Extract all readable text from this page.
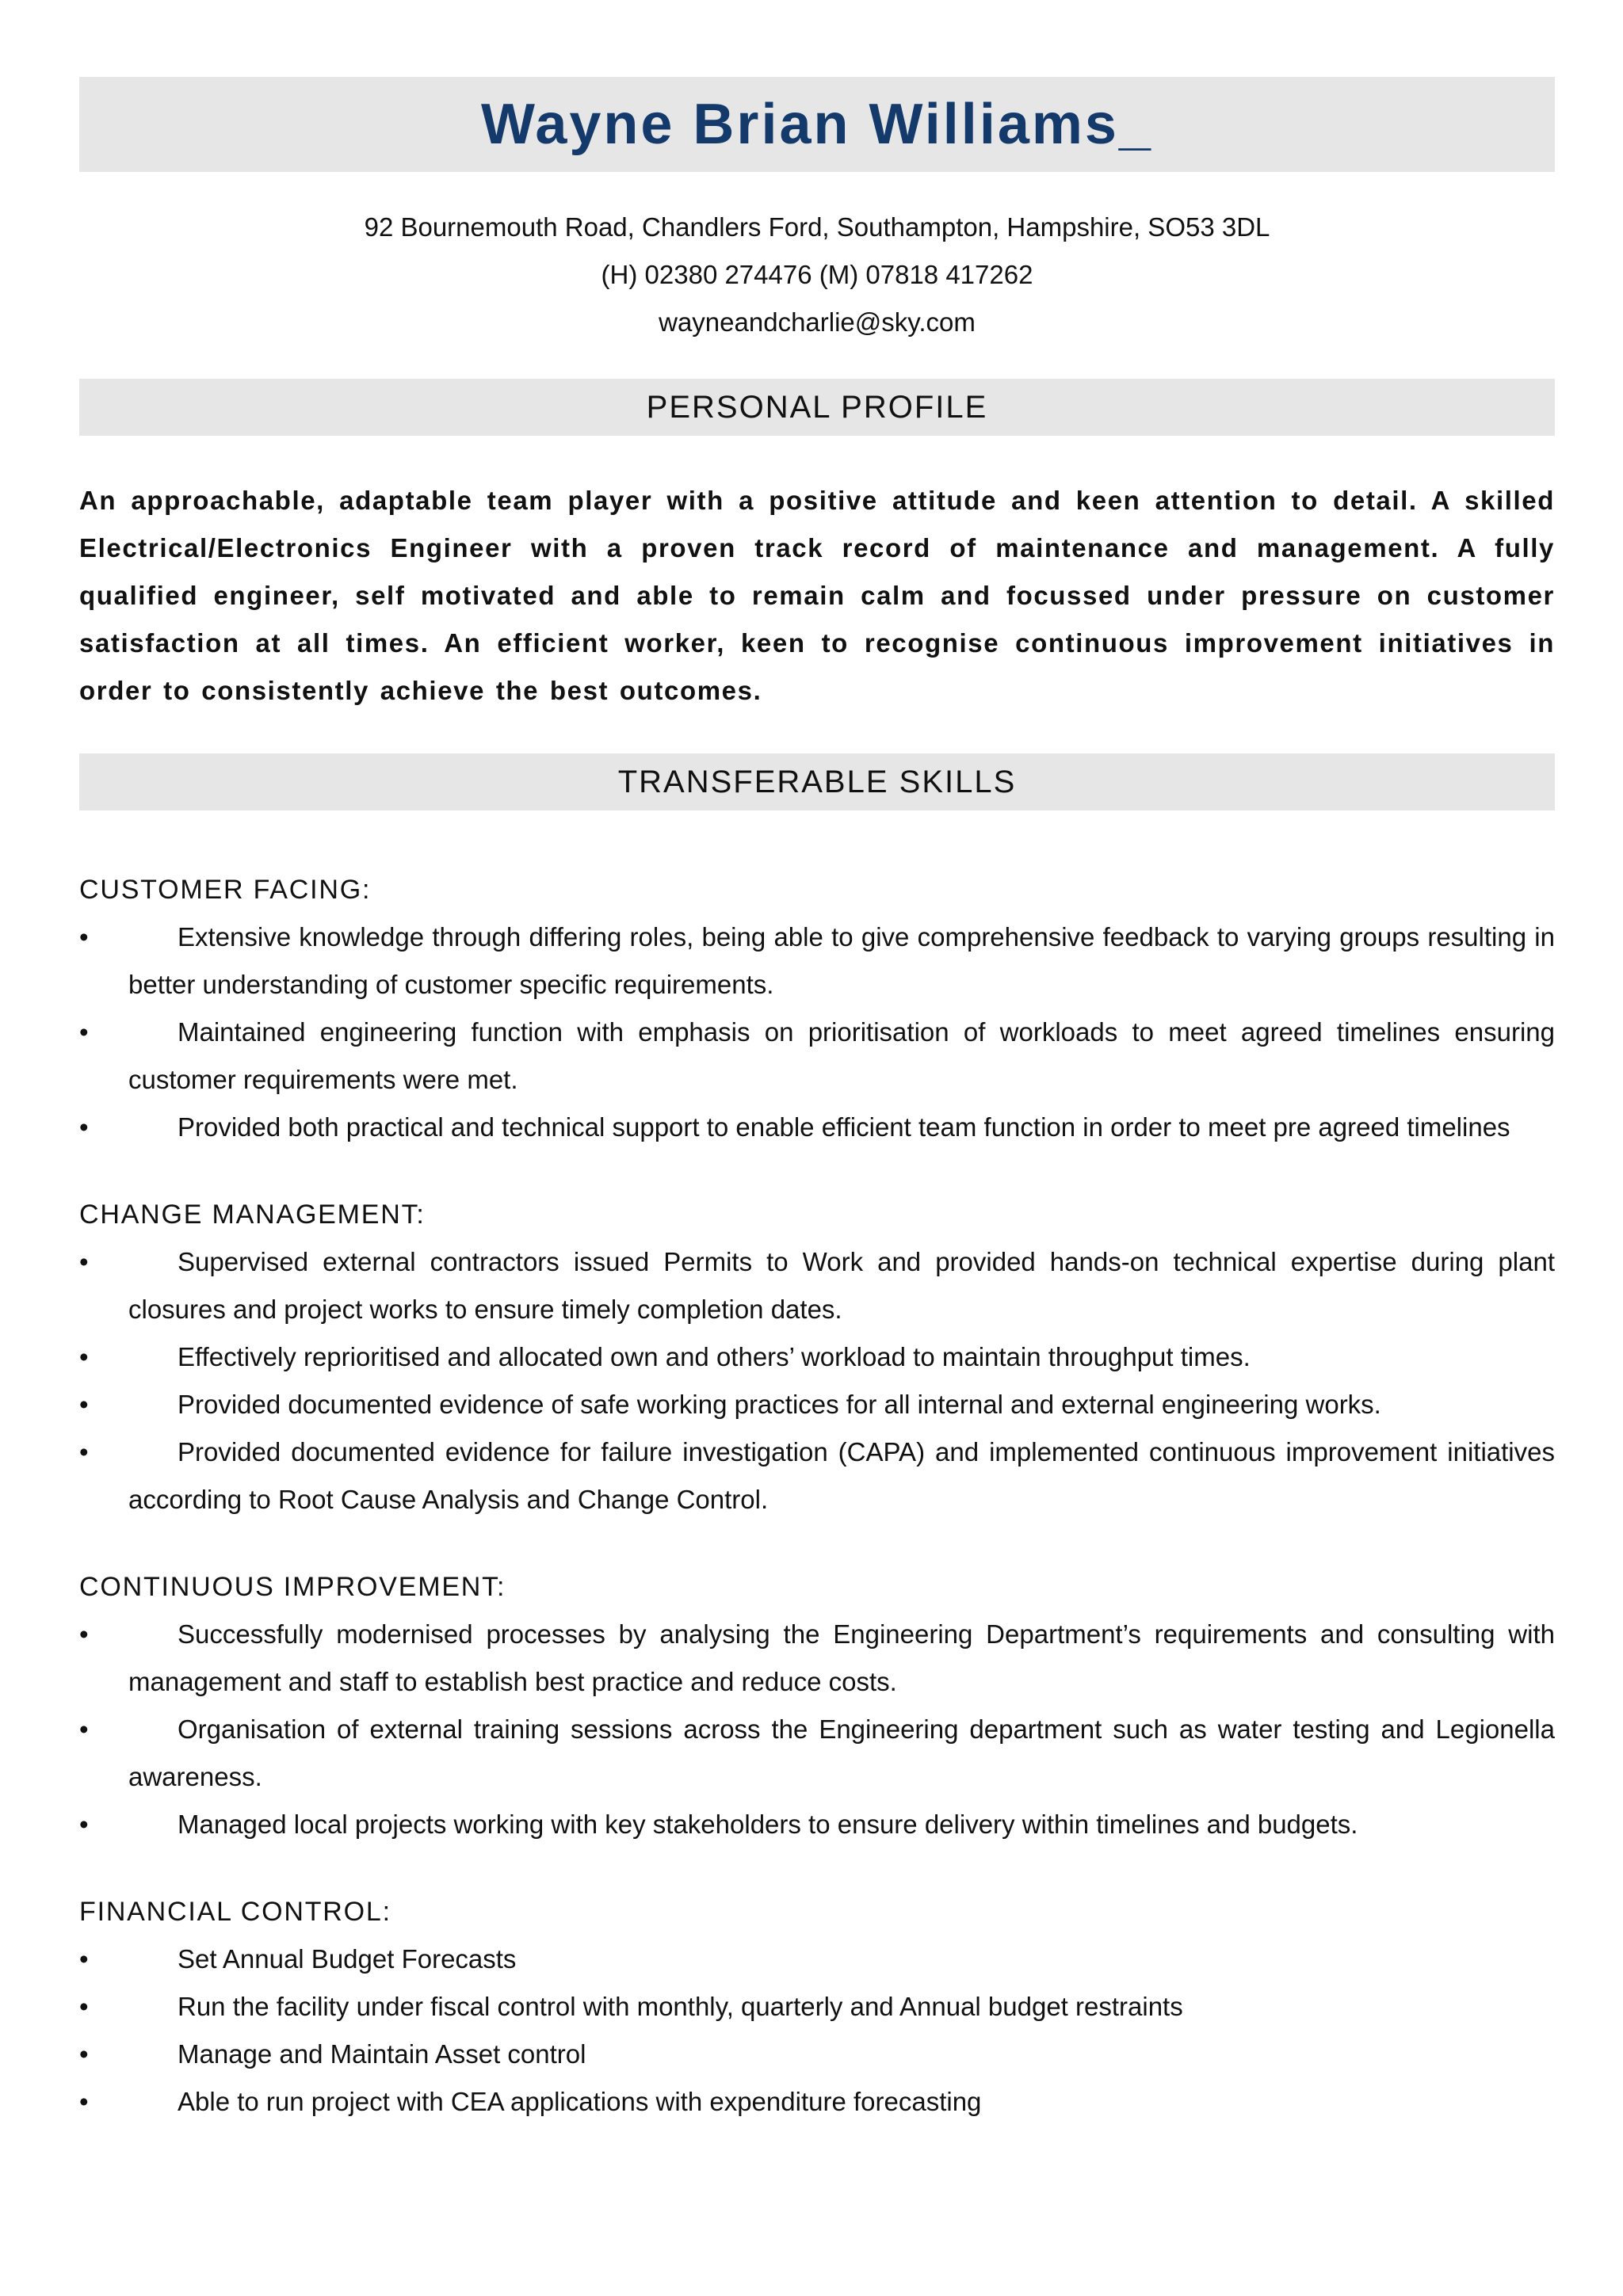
Wayne Brian Williams_
92 Bournemouth Road, Chandlers Ford, Southampton, Hampshire, SO53 3DL
(H) 02380 274476 (M) 07818 417262
wayneandcharlie@sky.com
PERSONAL PROFILE
An approachable, adaptable team player with a positive attitude and keen attention to detail. A skilled Electrical/Electronics Engineer with a proven track record of maintenance and management. A fully qualified engineer, self motivated and able to remain calm and focussed under pressure on customer satisfaction at all times. An efficient worker, keen to recognise continuous improvement initiatives in order to consistently achieve the best outcomes.
TRANSFERABLE SKILLS
CUSTOMER FACING:
•	Extensive knowledge through differing roles, being able to give comprehensive feedback to varying groups resulting in better understanding of customer specific requirements.
•	Maintained engineering function with emphasis on prioritisation of workloads to meet agreed timelines ensuring customer requirements were met.
•	Provided both practical and technical support to enable efficient team function in order to meet pre agreed timelines
CHANGE MANAGEMENT:
•	Supervised external contractors issued Permits to Work and provided hands-on technical expertise during plant closures and project works to ensure timely completion dates.
•	Effectively reprioritised and allocated own and others’ workload to maintain throughput times.
•	Provided documented evidence of safe working practices for all internal and external engineering works.
•	Provided documented evidence for failure investigation (CAPA) and implemented continuous improvement initiatives according to Root Cause Analysis and Change Control.
CONTINUOUS IMPROVEMENT:
•	Successfully modernised processes by analysing the Engineering Department’s requirements and consulting with management and staff to establish best practice and reduce costs.
•	Organisation of external training sessions across the Engineering department such as water testing and Legionella awareness.
•	Managed local projects working with key stakeholders to ensure delivery within timelines and budgets.
FINANCIAL CONTROL:
•	Set Annual Budget Forecasts
•	Run the facility under fiscal control with monthly, quarterly and Annual budget restraints
•	Manage and Maintain Asset control
•	Able to run project with CEA applications with expenditure forecasting
